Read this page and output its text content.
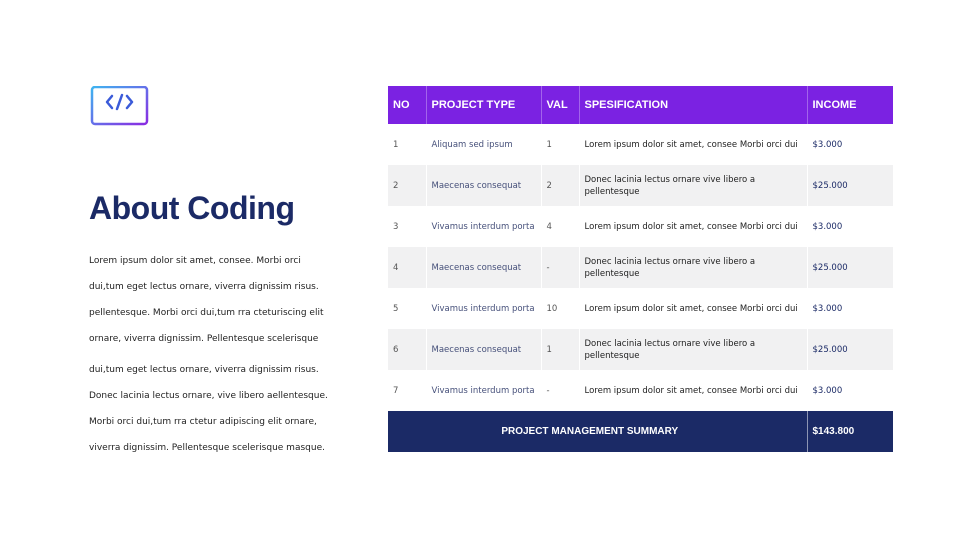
About Coding

Lorem ipsum dolor sit amet, consee. Morbi orci

dui,tum eget lectus ornare, viverra dignissim risus.

pellentesque. Morbi orci dui,tum rra cteturiscing elit

ornare, viverra dignissim. Pellentesque scelerisque

dui,tum eget lectus ornare, viverra dignissim risus.

Donec lacinia lectus ornare, vive libero aellentesque.

Morbi orci dui,tum rra ctetur adipiscing elit ornare,

viverra dignissim. Pellentesque scelerisque masque.

NO	PROJECT TYPE	VAL	SPESIFICATION	INCOME
1	Aliquam sed ipsum	1	Lorem ipsum dolor sit amet, consee Morbi orci dui	$3.000
2	Maecenas consequat	2	Donec lacinia lectus ornare vive libero a pellentesque	$25.000
3	Vivamus interdum porta	4	Lorem ipsum dolor sit amet, consee Morbi orci dui	$3.000
4	Maecenas consequat	-	Donec lacinia lectus ornare vive libero a pellentesque	$25.000
5	Vivamus interdum porta	10	Lorem ipsum dolor sit amet, consee Morbi orci dui	$3.000
6	Maecenas consequat	1	Donec lacinia lectus ornare vive libero a pellentesque	$25.000
7	Vivamus interdum porta	-	Lorem ipsum dolor sit amet, consee Morbi orci dui	$3.000
PROJECT MANAGEMENT SUMMARY				$143.800
